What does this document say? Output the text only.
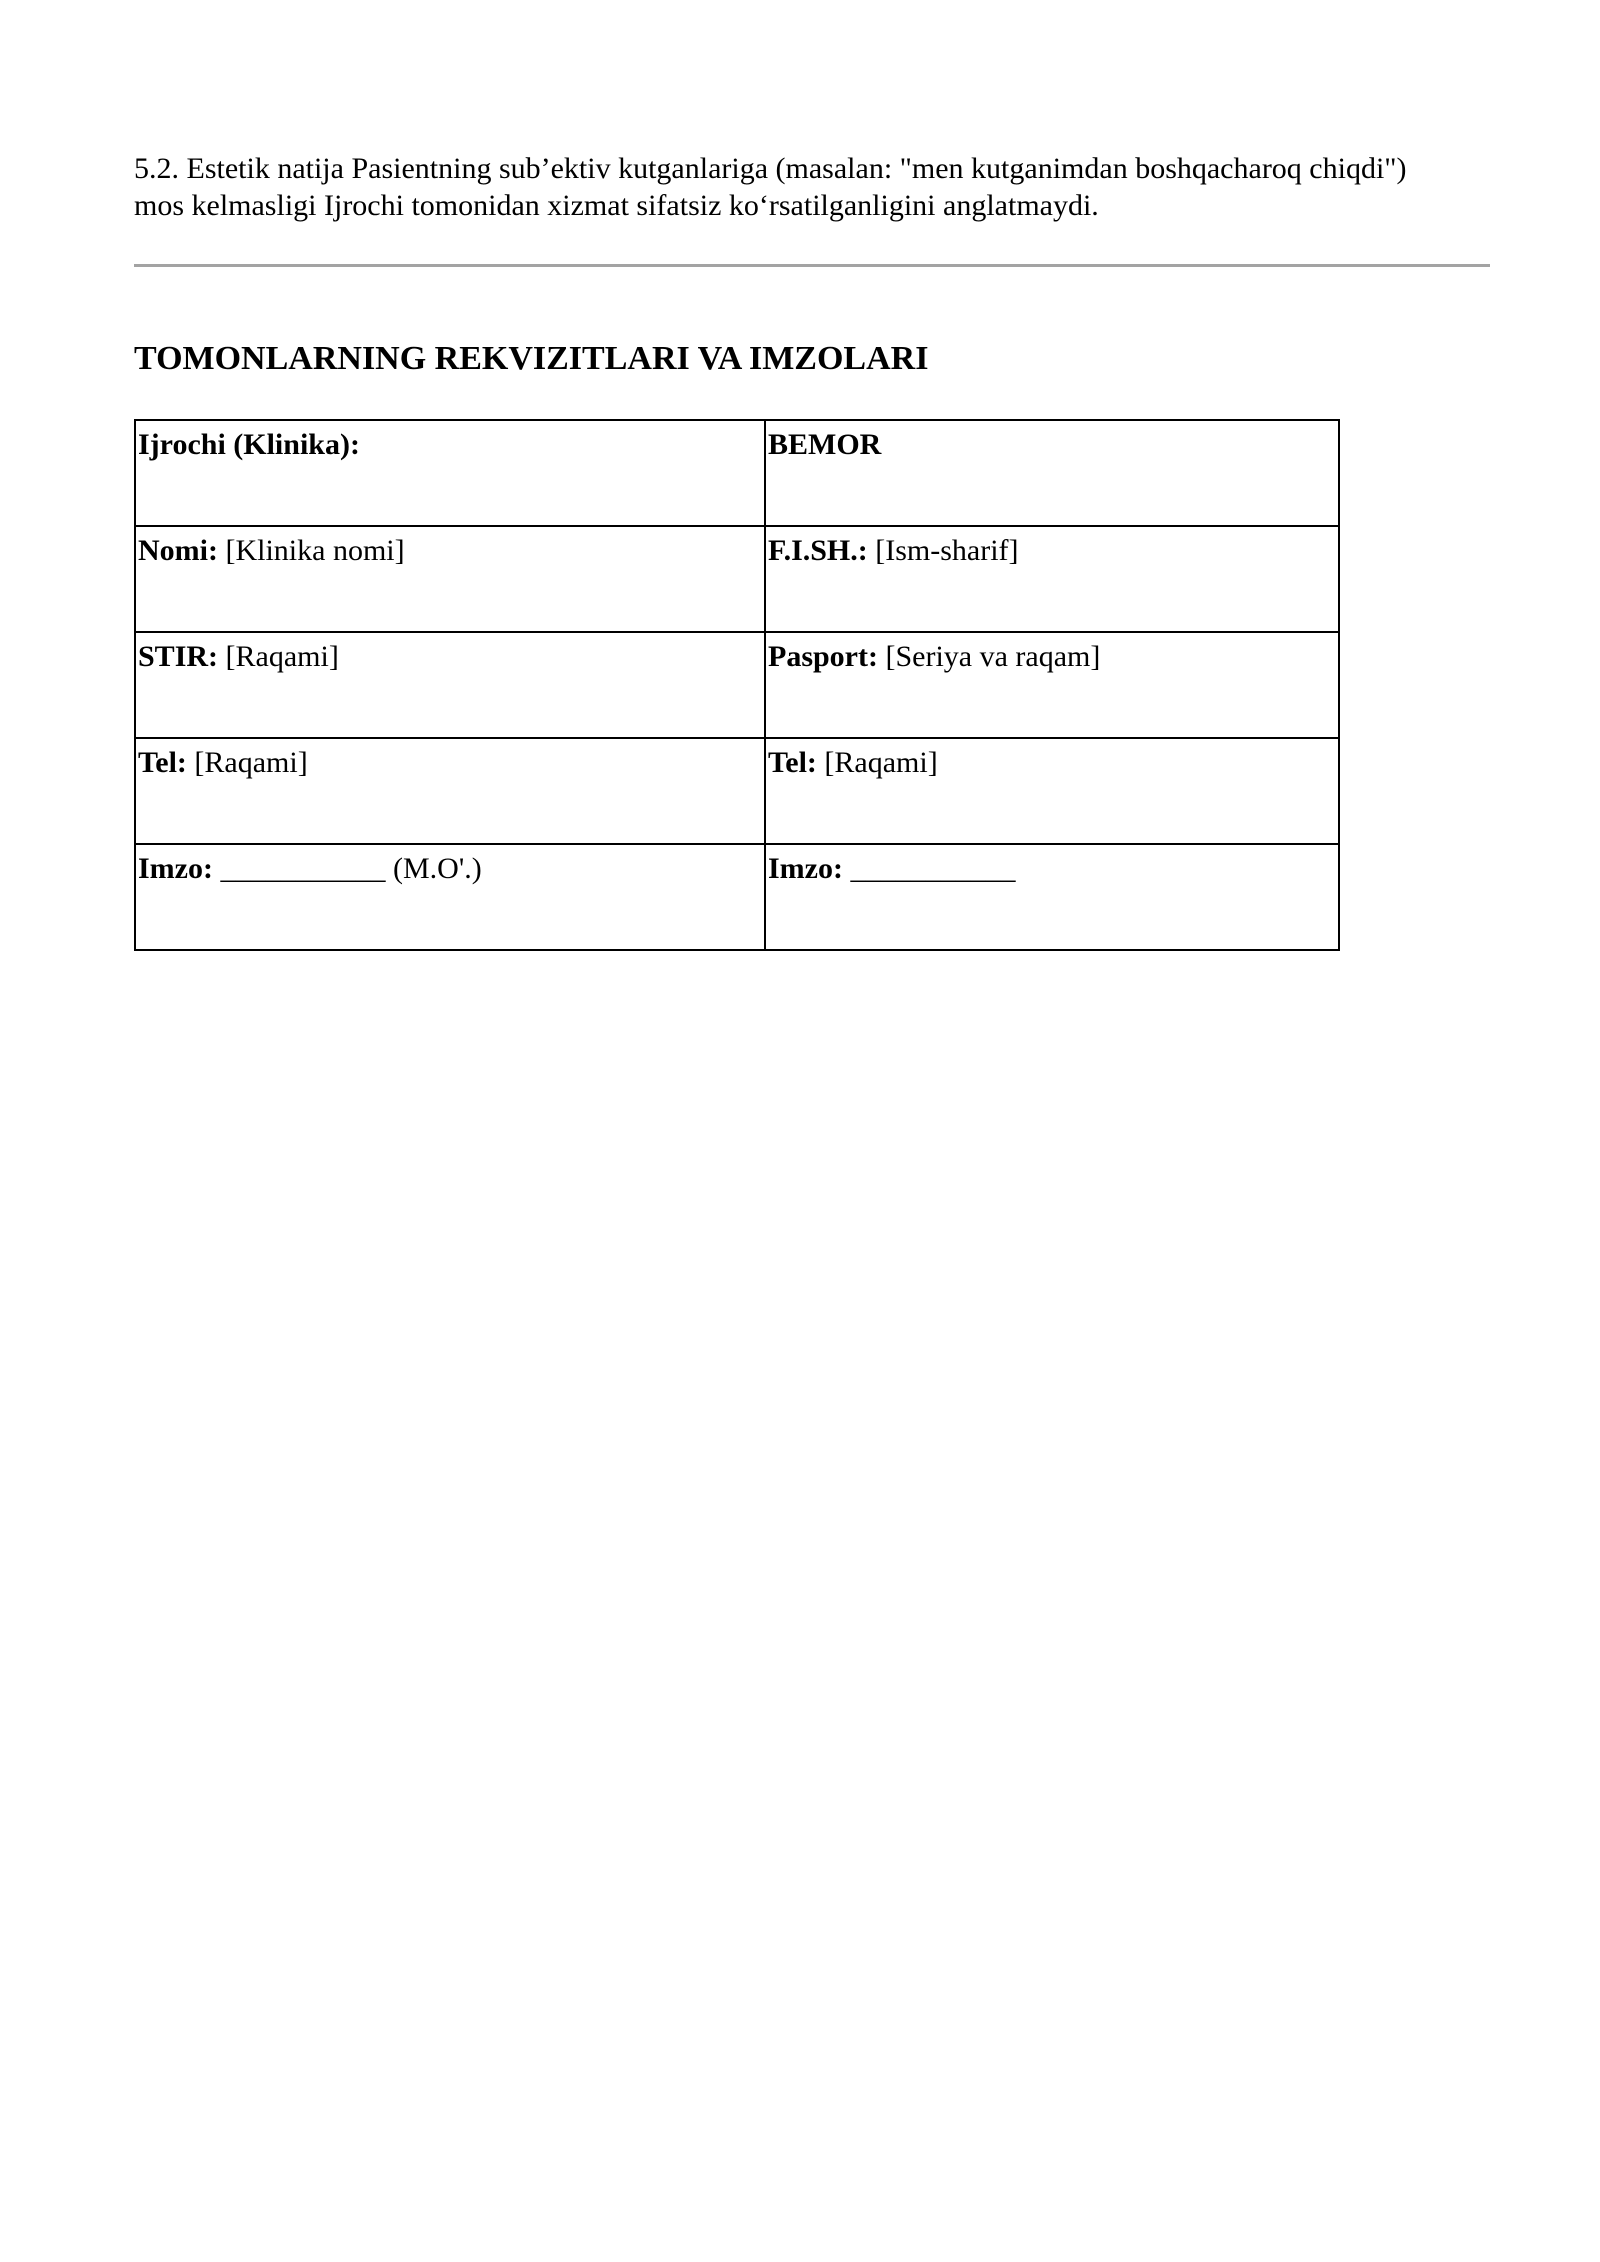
5.2. Estetik natija Pasientning sub’ektiv kutganlariga (masalan: "men kutganimdan boshqacharoq chiqdi") mos kelmasligi Ijrochi tomonidan xizmat sifatsiz ko‘rsatilganligini anglatmaydi.

TOMONLARNING REKVIZITLARI VA IMZOLARI
Ijrochi (Klinika):	BEMOR
Nomi: [Klinika nomi]	F.I.SH.: [Ism-sharif]
STIR: [Raqami]	Pasport: [Seriya va raqam]
Tel: [Raqami]	Tel: [Raqami]
Imzo: ___________ (M.O'.)	Imzo: ___________
